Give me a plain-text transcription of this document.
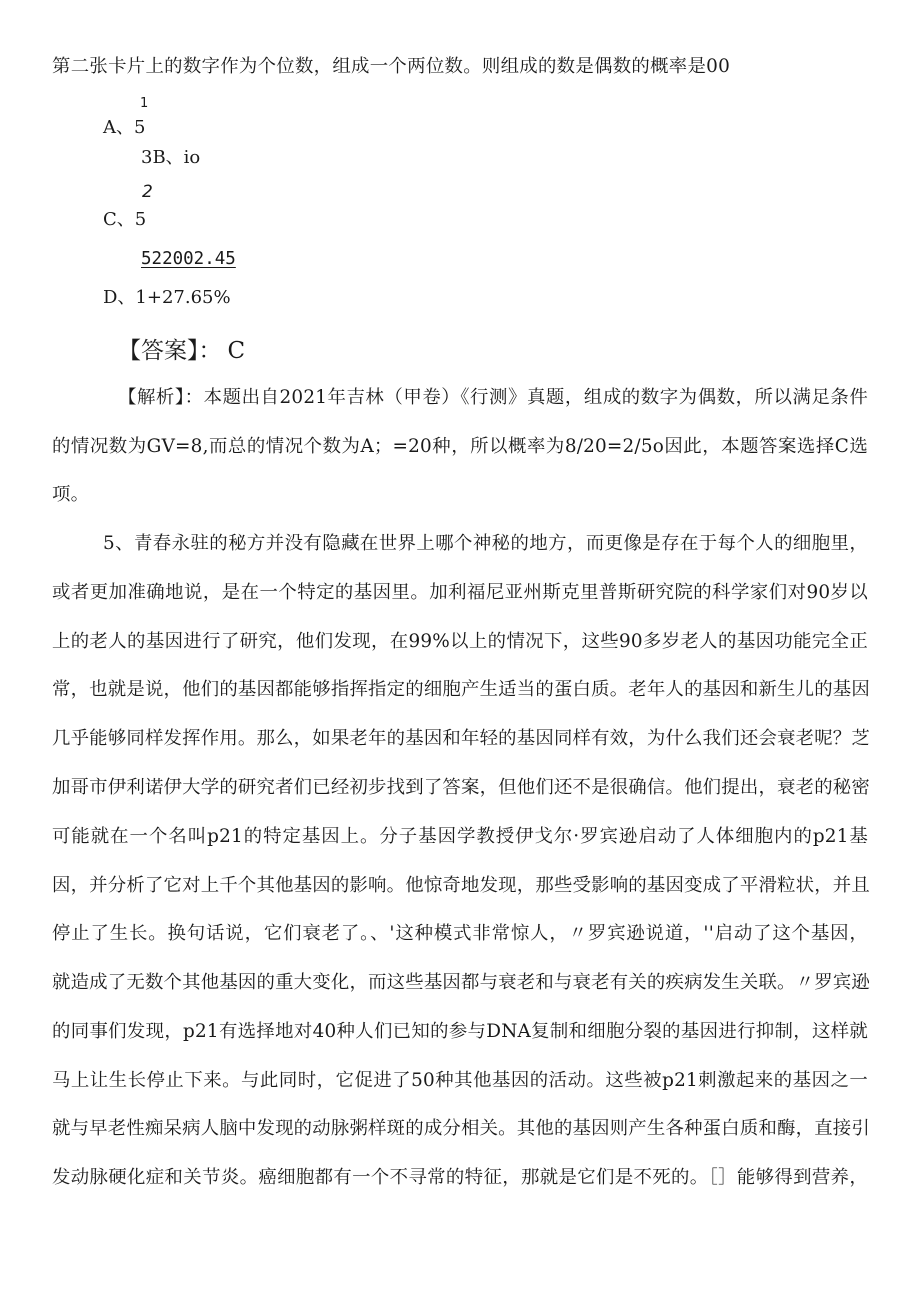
第二张卡片上的数字作为个位数，组成一个两位数。则组成的数是偶数的概率是00
1
A、5
3B、io
2
C、5
522002.45
D、1+27.65%
【答案】： C
【解析】：本题出自2021年吉林（甲卷）《行测》真题，组成的数字为偶数，所以满足条件
的情况数为GV=8,而总的情况个数为A；=20种，所以概率为8/20=2/5o因此，本题答案选择C选
项。
5、青春永驻的秘方并没有隐藏在世界上哪个神秘的地方，而更像是存在于每个人的细胞里，
或者更加准确地说，是在一个特定的基因里。加利福尼亚州斯克里普斯研究院的科学家们对90岁以
上的老人的基因进行了研究，他们发现，在99%以上的情况下，这些90多岁老人的基因功能完全正
常，也就是说，他们的基因都能够指挥指定的细胞产生适当的蛋白质。老年人的基因和新生儿的基因
几乎能够同样发挥作用。那么，如果老年的基因和年轻的基因同样有效，为什么我们还会衰老呢？芝
加哥市伊利诺伊大学的研究者们已经初步找到了答案，但他们还不是很确信。他们提出，衰老的秘密
可能就在一个名叫p21的特定基因上。分子基因学教授伊戈尔·罗宾逊启动了人体细胞内的p21基
因，并分析了它对上千个其他基因的影响。他惊奇地发现，那些受影响的基因变成了平滑粒状，并且
停止了生长。换句话说，它们衰老了。、'这种模式非常惊人，〃罗宾逊说道，''启动了这个基因，
就造成了无数个其他基因的重大变化，而这些基因都与衰老和与衰老有关的疾病发生关联。〃罗宾逊
的同事们发现，p21有选择地对40种人们已知的参与DNA复制和细胞分裂的基因进行抑制，这样就
马上让生长停止下来。与此同时，它促进了50种其他基因的活动。这些被p21刺激起来的基因之一
就与早老性痴呆病人脑中发现的动脉粥样斑的成分相关。其他的基因则产生各种蛋白质和酶，直接引
发动脉硬化症和关节炎。癌细胞都有一个不寻常的特征，那就是它们是不死的。［］能够得到营养，
